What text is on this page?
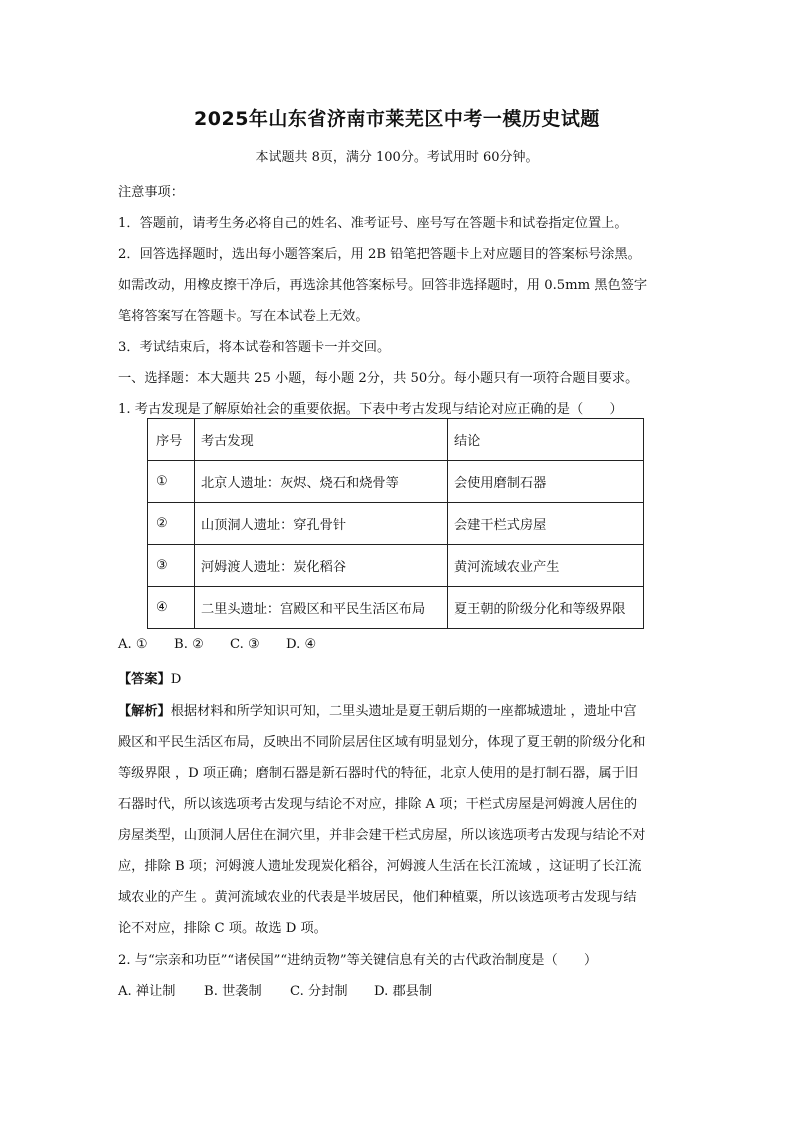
2025年山东省济南市莱芜区中考一模历史试题
本试题共 8页，满分 100分。考试用时 60分钟。
注意事项：
1．答题前，请考生务必将自己的姓名、准考证号、座号写在答题卡和试卷指定位置上。
2．回答选择题时，选出每小题答案后，用 2B 铅笔把答题卡上对应题目的答案标号涂黑。
如需改动，用橡皮擦干净后，再选涂其他答案标号。回答非选择题时，用 0.5mm 黑色签字
笔将答案写在答题卡。写在本试卷上无效。
3．考试结束后，将本试卷和答题卡一并交回。
一、选择题：本大题共 25 小题，每小题 2分，共 50分。每小题只有一项符合题目要求。
1. 考古发现是了解原始社会的重要依据。下表中考古发现与结论对应正确的是（　　）
序号	考古发现	结论
①	北京人遗址：灰烬、烧石和烧骨等	会使用磨制石器
②	山顶洞人遗址：穿孔骨针	会建干栏式房屋
③	河姆渡人遗址：炭化稻谷	黄河流域农业产生
④	二里头遗址：宫殿区和平民生活区布局	夏王朝的阶级分化和等级界限
A. ① B. ② C. ③ D. ④
【答案】D
【解析】根据材料和所学知识可知，二里头遗址是夏王朝后期的一座都城遗址 ，遗址中宫
殿区和平民生活区布局，反映出不同阶层居住区域有明显划分，体现了夏王朝的阶级分化和
等级界限 ，D 项正确；磨制石器是新石器时代的特征，北京人使用的是打制石器，属于旧
石器时代，所以该选项考古发现与结论不对应，排除 A 项；干栏式房屋是河姆渡人居住的
房屋类型，山顶洞人居住在洞穴里，并非会建干栏式房屋，所以该选项考古发现与结论不对
应，排除 B 项；河姆渡人遗址发现炭化稻谷，河姆渡人生活在长江流域 ，这证明了长江流
域农业的产生 。黄河流域农业的代表是半坡居民，他们种植粟，所以该选项考古发现与结
论不对应，排除 C 项。故选 D 项。
2. 与“宗亲和功臣”“诸侯国”“进纳贡物”等关键信息有关的古代政治制度是（　　）
A. 禅让制 B. 世袭制 C. 分封制 D. 郡县制
